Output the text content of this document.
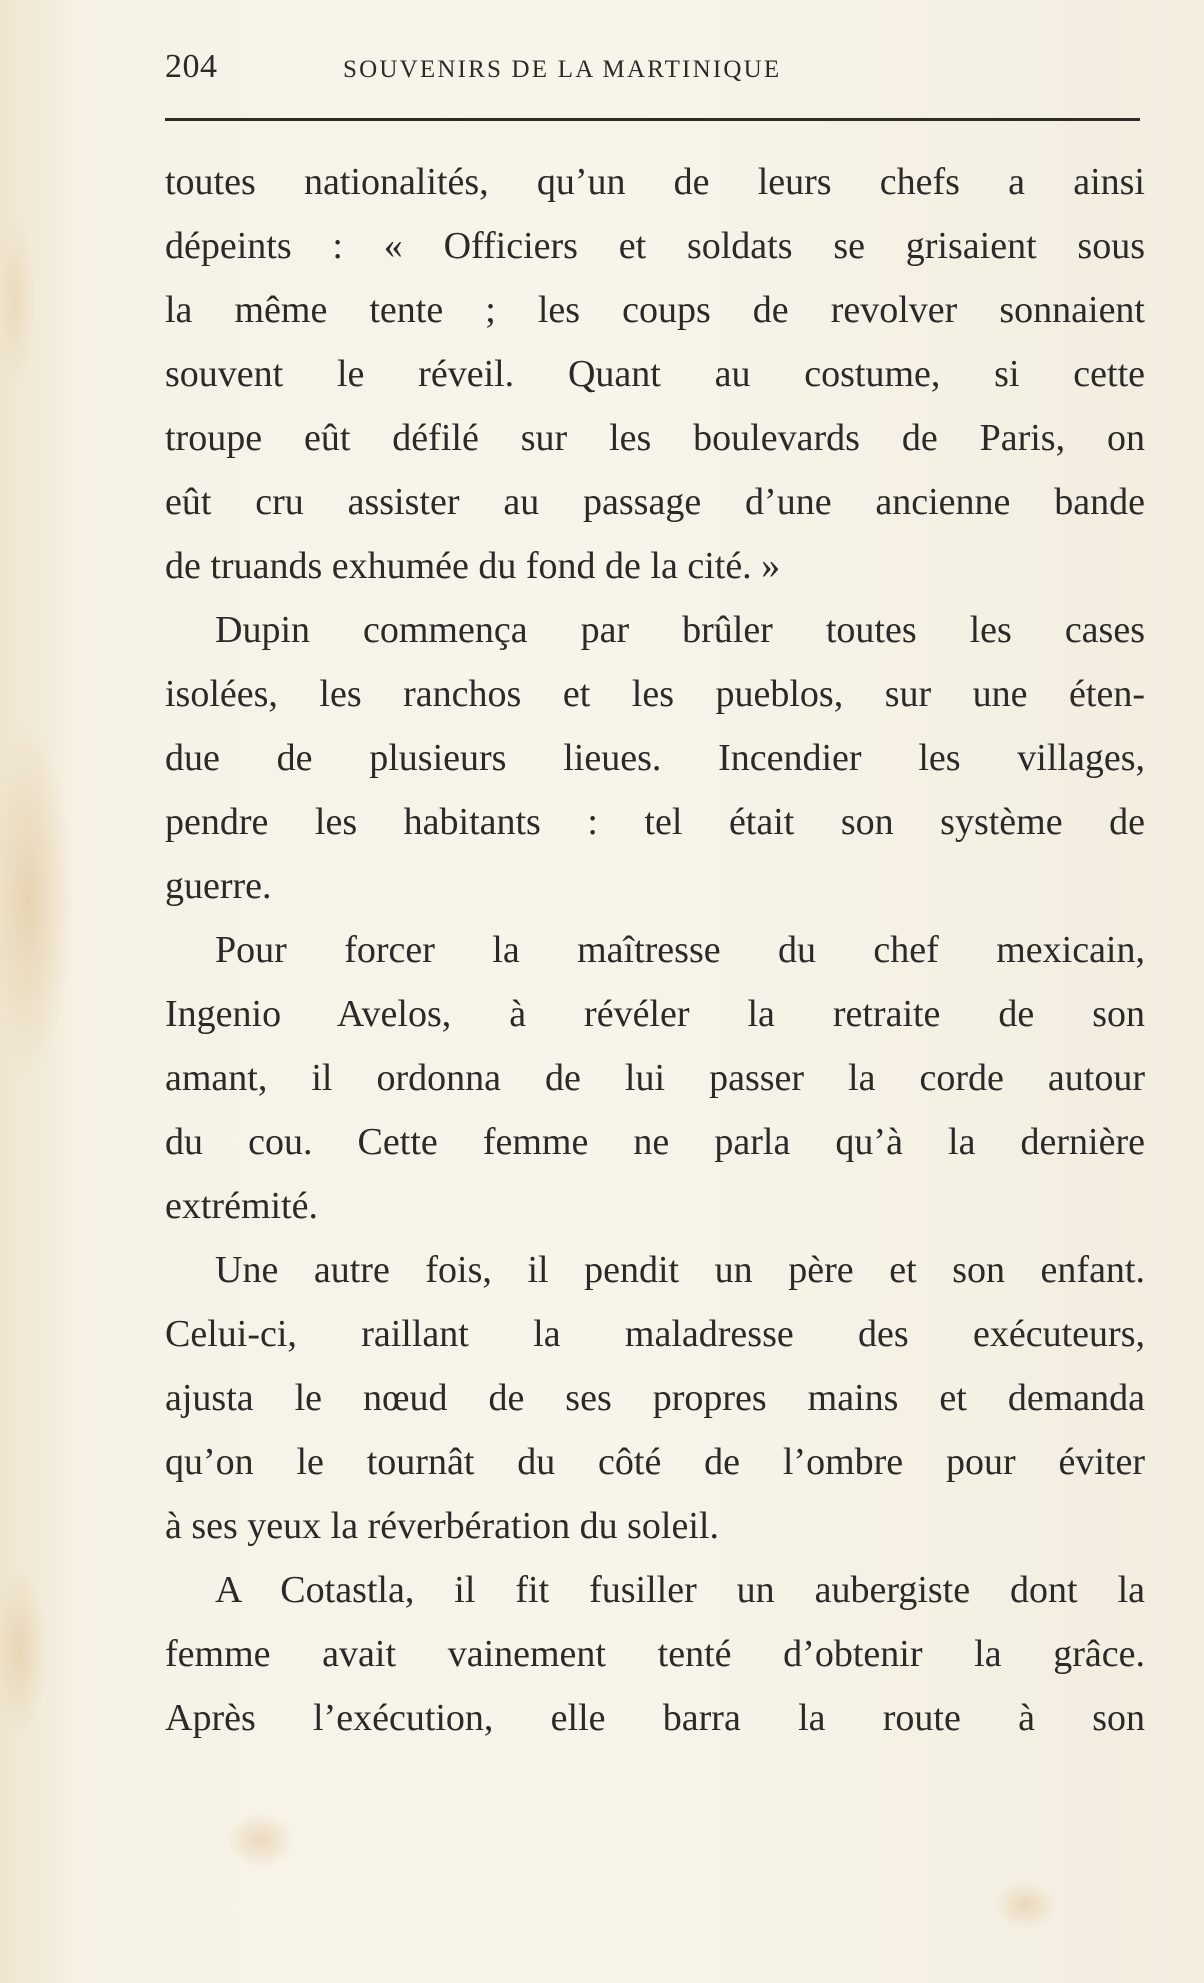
204	SOUVENIRS DE LA MARTINIQUE
toutes nationalités, qu’un de leurs chefs a ainsi
dépeints : « Officiers et soldats se grisaient sous
la même tente ; les coups de revolver sonnaient
souvent le réveil. Quant au costume, si cette
troupe eût défilé sur les boulevards de Paris, on
eût cru assister au passage d’une ancienne bande
de truands exhumée du fond de la cité. »
Dupin commença par brûler toutes les cases
isolées, les ranchos et les pueblos, sur une éten-
due de plusieurs lieues. Incendier les villages,
pendre les habitants : tel était son système de
guerre.
Pour forcer la maîtresse du chef mexicain,
Ingenio Avelos, à révéler la retraite de son
amant, il ordonna de lui passer la corde autour
du cou. Cette femme ne parla qu’à la dernière
extrémité.
Une autre fois, il pendit un père et son enfant.
Celui-ci, raillant la maladresse des exécuteurs,
ajusta le nœud de ses propres mains et demanda
qu’on le tournât du côté de l’ombre pour éviter
à ses yeux la réverbération du soleil.
A Cotastla, il fit fusiller un aubergiste dont la
femme avait vainement tenté d’obtenir la grâce.
Après l’exécution, elle barra la route à son
